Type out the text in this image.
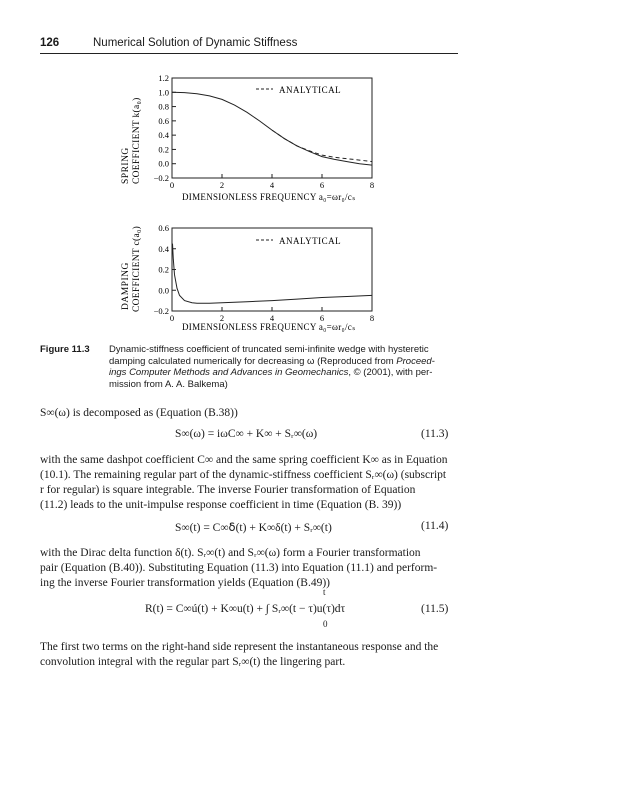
126	Numerical Solution of Dynamic Stiffness
SPRING COEFFICIENT k(a₀)
1.2
1.0
0.8
0.6
0.4
0.2
0.0
−0.2
0	2	4	6	8
ANALYTICAL
DIMENSIONLESS FREQUENCY a₀=ωr₀/cₛ
DAMPING COEFFICIENT c(a₀) 0.6
0.4
0.2
0.0
−0.2
0	2	4	6	8
ANALYTICAL
DIMENSIONLESS FREQUENCY a₀=ωr₀/cₛ
Figure 11.3 Dynamic-stiffness coefficient of truncated semi-infinite wedge with hysteretic
damping calculated numerically for decreasing ω (Reproduced from Proceed-
ings Computer Methods and Advances in Geomechanics, © (2001), with per-
mission from A. A. Balkema)
S∞(ω) is decomposed as (Equation (B.38))
S∞(ω) = iωC∞ + K∞ + Sᵣ∞(ω)	(11.3)
with the same dashpot coefficient C∞ and the same spring coefficient K∞ as in Equation
(10.1). The remaining regular part of the dynamic-stiffness coefficient Sᵣ∞(ω) (subscript
r for regular) is square integrable. The inverse Fourier transformation of Equation
(11.2) leads to the unit-impulse response coefficient in time (Equation (B. 39))
S∞(t) = C∞ẟ(t) + K∞δ(t) + Sᵣ∞(t)	(11.4)
with the Dirac delta function δ(t). Sᵣ∞(t) and Sᵣ∞(ω) form a Fourier transformation
pair (Equation (B.40)). Substituting Equation (11.3) into Equation (11.1) and perform-
ing the inverse Fourier transformation yields (Equation (B.49))
t
R(t) = C∞ú(t) + K∞u(t) + ∫ Sᵣ∞(t − τ)u(τ)dτ
0
(11.5)
The first two terms on the right-hand side represent the instantaneous response and the
convolution integral with the regular part Sᵣ∞(t) the lingering part.
